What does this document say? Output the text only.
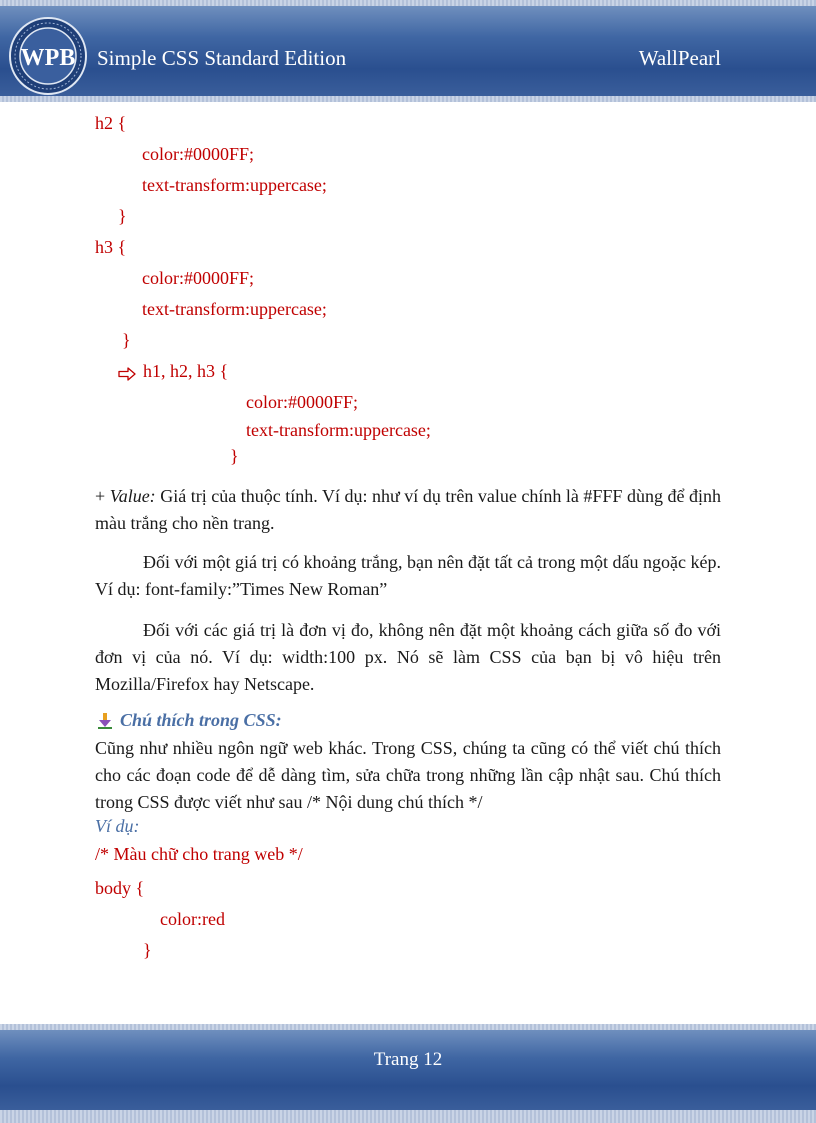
WPB Simple CSS Standard Edition	WallPearl
h2 {
color:#0000FF;
text-transform:uppercase;
}
h3 {
color:#0000FF;
text-transform:uppercase;
}
h1, h2, h3 {
color:#0000FF;
text-transform:uppercase;
}
+ Value: Giá trị của thuộc tính. Ví dụ: như ví dụ trên value chính là #FFF dùng để định màu trắng cho nền trang.
Đối với một giá trị có khoảng trắng, bạn nên đặt tất cả trong một dấu ngoặc kép. Ví dụ: font-family:”Times New Roman”
Đối với các giá trị là đơn vị đo, không nên đặt một khoảng cách giữa số đo với đơn vị của nó. Ví dụ: width:100 px. Nó sẽ làm CSS của bạn bị vô hiệu trên Mozilla/Firefox hay Netscape.
Chú thích trong CSS:
Cũng như nhiều ngôn ngữ web khác. Trong CSS, chúng ta cũng có thể viết chú thích cho các đoạn code để dễ dàng tìm, sửa chữa trong những lần cập nhật sau. Chú thích trong CSS được viết như sau /* Nội dung chú thích */
Ví dụ:
/* Màu chữ cho trang web */
body {
color:red
}
Trang 12
